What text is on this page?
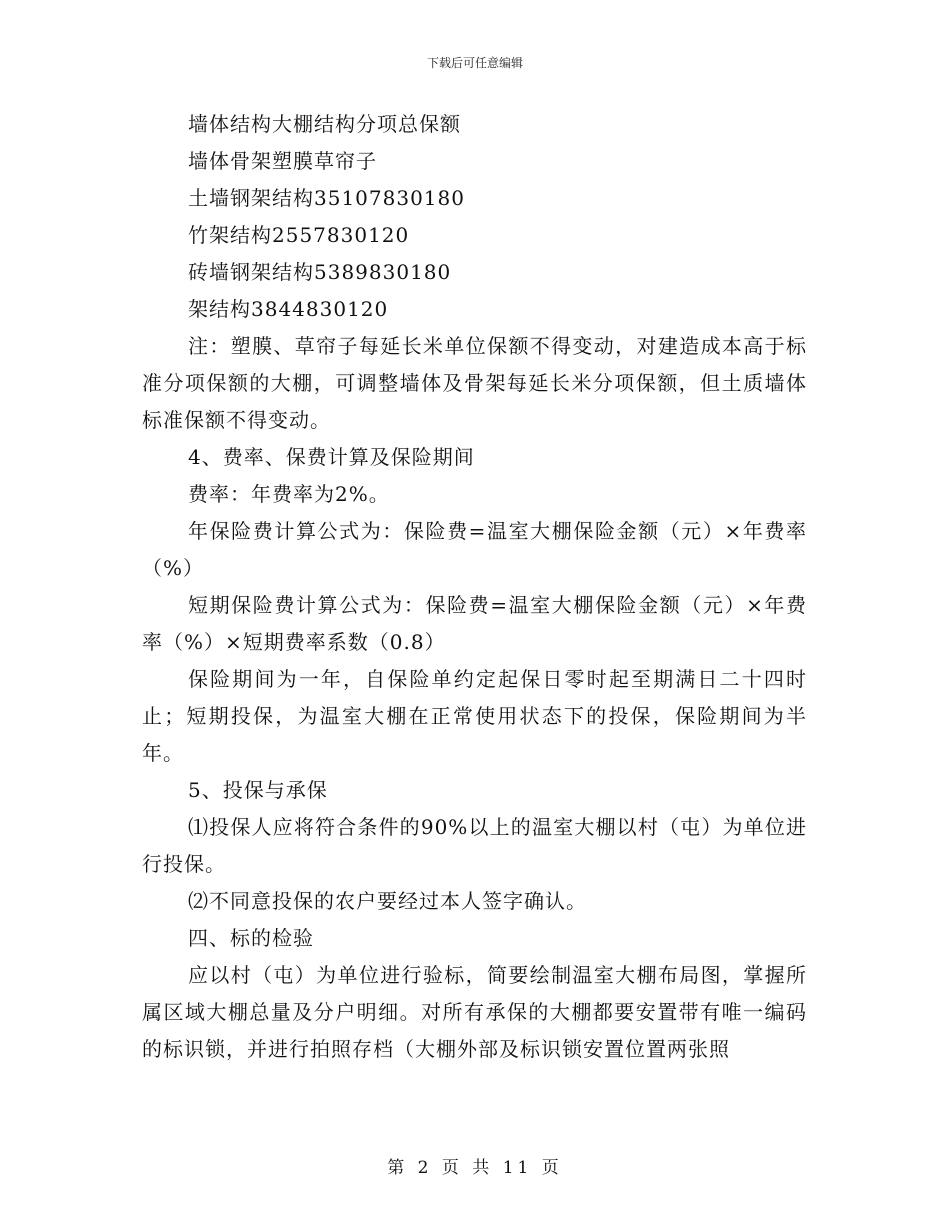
下载后可任意编辑

墙体结构大棚结构分项总保额

墙体骨架塑膜草帘子

土墙钢架结构35107830180

竹架结构2557830120

砖墙钢架结构5389830180

架结构3844830120

注：塑膜、草帘子每延长米单位保额不得变动，对建造成本高于标准分项保额的大棚，可调整墙体及骨架每延长米分项保额，但土质墙体标准保额不得变动。

4、费率、保费计算及保险期间

费率：年费率为2%。

年保险费计算公式为：保险费=温室大棚保险金额（元）×年费率（%）

短期保险费计算公式为：保险费=温室大棚保险金额（元）×年费率（%）×短期费率系数（0.8）

保险期间为一年，自保险单约定起保日零时起至期满日二十四时止；短期投保，为温室大棚在正常使用状态下的投保，保险期间为半年。

5、投保与承保

⑴投保人应将符合条件的90%以上的温室大棚以村（屯）为单位进行投保。

⑵不同意投保的农户要经过本人签字确认。

四、标的检验

应以村（屯）为单位进行验标，简要绘制温室大棚布局图，掌握所属区域大棚总量及分户明细。对所有承保的大棚都要安置带有唯一编码的标识锁，并进行拍照存档（大棚外部及标识锁安置位置两张照

第 2 页 共 11 页
